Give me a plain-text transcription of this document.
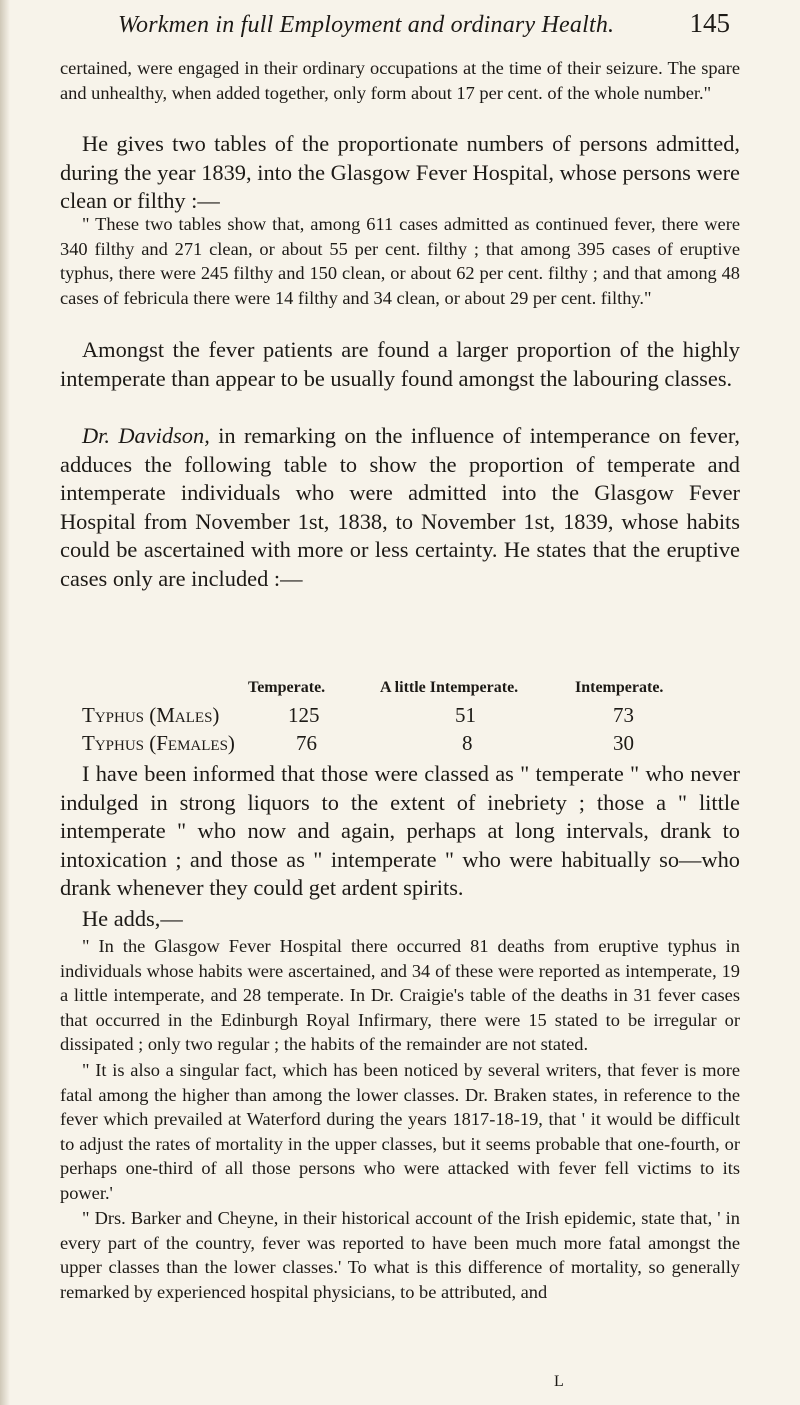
Workmen in full Employment and ordinary Health.	145

certained, were engaged in their ordinary occupations at the time of their seizure. The spare and unhealthy, when added together, only form about 17 per cent. of the whole number."

He gives two tables of the proportionate numbers of persons admitted, during the year 1839, into the Glasgow Fever Hospital, whose persons were clean or filthy :—

" These two tables show that, among 611 cases admitted as continued fever, there were 340 filthy and 271 clean, or about 55 per cent. filthy ; that among 395 cases of eruptive typhus, there were 245 filthy and 150 clean, or about 62 per cent. filthy ; and that among 48 cases of febricula there were 14 filthy and 34 clean, or about 29 per cent. filthy."

Amongst the fever patients are found a larger proportion of the highly intemperate than appear to be usually found amongst the labouring classes.

Dr. Davidson, in remarking on the influence of intemperance on fever, adduces the following table to show the proportion of temperate and intemperate individuals who were admitted into the Glasgow Fever Hospital from November 1st, 1838, to November 1st, 1839, whose habits could be ascertained with more or less certainty. He states that the eruptive cases only are included :—

Temperate.	A little Intemperate.	Intemperate.
Typhus (Males)	125	51	73
Typhus (Females)	76	8	30

I have been informed that those were classed as " temperate " who never indulged in strong liquors to the extent of inebriety ; those a " little intemperate " who now and again, perhaps at long intervals, drank to intoxication ; and those as " intemperate " who were habitually so—who drank whenever they could get ardent spirits.

He adds,—

" In the Glasgow Fever Hospital there occurred 81 deaths from eruptive typhus in individuals whose habits were ascertained, and 34 of these were reported as intemperate, 19 a little intemperate, and 28 temperate. In Dr. Craigie's table of the deaths in 31 fever cases that occurred in the Edinburgh Royal Infirmary, there were 15 stated to be irregular or dissipated ; only two regular ; the habits of the remainder are not stated.

" It is also a singular fact, which has been noticed by several writers, that fever is more fatal among the higher than among the lower classes. Dr. Braken states, in reference to the fever which prevailed at Waterford during the years 1817-18-19, that ' it would be difficult to adjust the rates of mortality in the upper classes, but it seems probable that one-fourth, or perhaps one-third of all those persons who were attacked with fever fell victims to its power.'

" Drs. Barker and Cheyne, in their historical account of the Irish epidemic, state that, ' in every part of the country, fever was reported to have been much more fatal amongst the upper classes than the lower classes.' To what is this difference of mortality, so generally remarked by experienced hospital physicians, to be attributed, and

L
